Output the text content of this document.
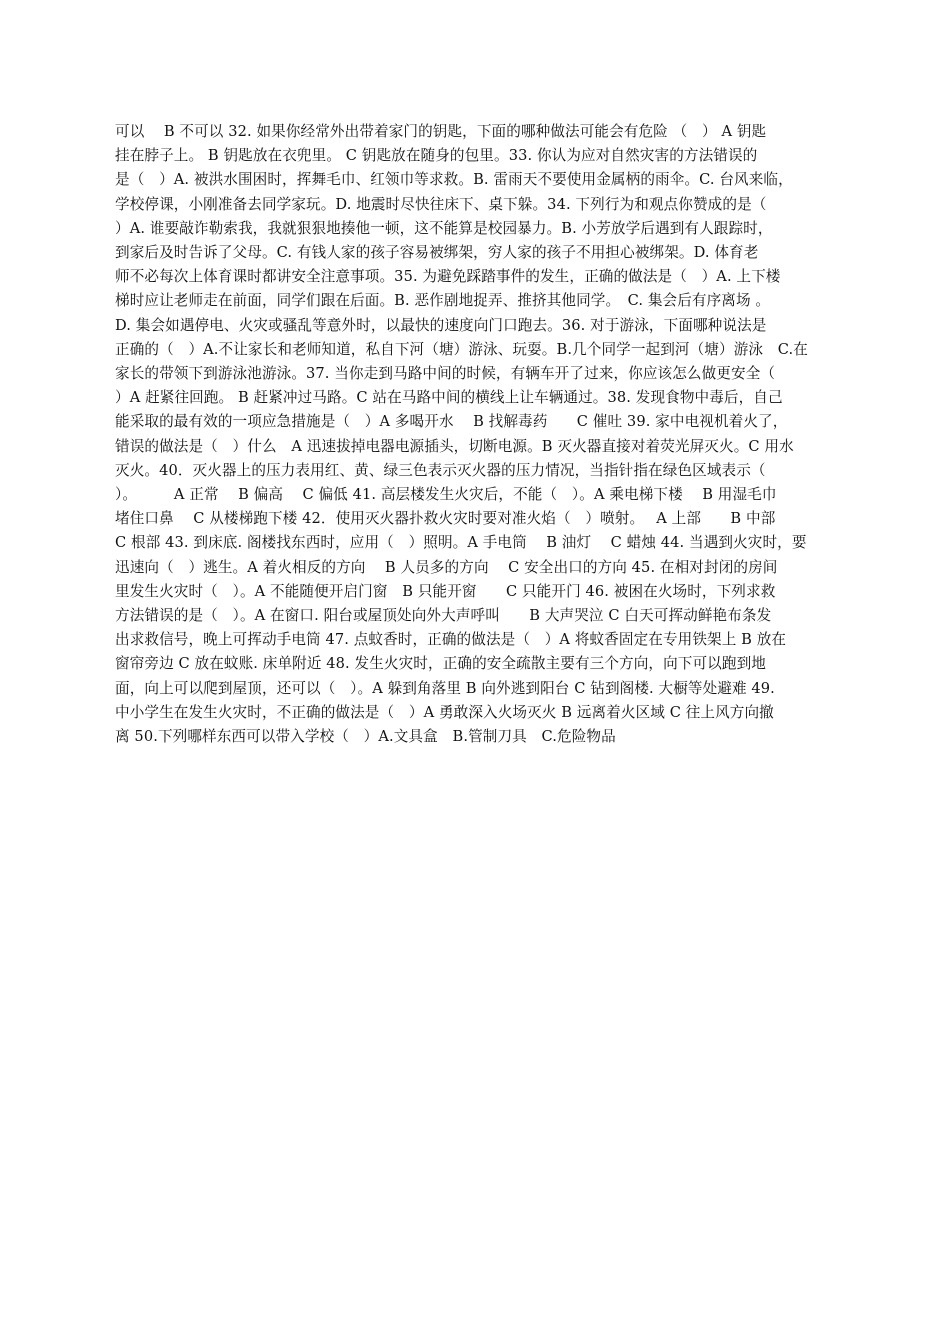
可以　 B 不可以 32. 如果你经常外出带着家门的钥匙，下面的哪种做法可能会有危险 （　） A 钥匙
挂在脖子上。 B 钥匙放在衣兜里。 C 钥匙放在随身的包里。33. 你认为应对自然灾害的方法错误的
是（　）A. 被洪水围困时，挥舞毛巾、红领巾等求救。B. 雷雨天不要使用金属柄的雨伞。C. 台风来临，
学校停课，小刚准备去同学家玩。D. 地震时尽快往床下、桌下躲。34. 下列行为和观点你赞成的是（
）A. 谁要敲诈勒索我，我就狠狠地揍他一顿，这不能算是校园暴力。B. 小芳放学后遇到有人跟踪时，
到家后及时告诉了父母。C. 有钱人家的孩子容易被绑架，穷人家的孩子不用担心被绑架。D. 体育老
师不必每次上体育课时都讲安全注意事项。35. 为避免踩踏事件的发生，正确的做法是（　）A. 上下楼
梯时应让老师走在前面，同学们跟在后面。B. 恶作剧地捉弄、推挤其他同学。　C. 集会后有序离场 。
D. 集会如遇停电、火灾或骚乱等意外时，以最快的速度向门口跑去。36. 对于游泳，下面哪种说法是
正确的（　）A.不让家长和老师知道，私自下河（塘）游泳、玩耍。B.几个同学一起到河（塘）游泳　C.在
家长的带领下到游泳池游泳。37. 当你走到马路中间的时候，有辆车开了过来，你应该怎么做更安全（
）A 赶紧往回跑。 B 赶紧冲过马路。C 站在马路中间的横线上让车辆通过。38. 发现食物中毒后，自己
能采取的最有效的一项应急措施是（　）A 多喝开水　 B 找解毒药　　C 催吐 39. 家中电视机着火了，
错误的做法是（　）什么　A 迅速拔掉电器电源插头，切断电源。B 灭火器直接对着荧光屏灭火。C 用水
灭火。40．灭火器上的压力表用红、黄、绿三色表示灭火器的压力情况，当指针指在绿色区域表示（
）。　　　A 正常　 B 偏高　 C 偏低 41. 高层楼发生火灾后，不能（　）。A 乘电梯下楼　 B 用湿毛巾
堵住口鼻　 C 从楼梯跑下楼 42．使用灭火器扑救火灾时要对准火焰（　）喷射。　 A 上部　　B 中部
C 根部 43. 到床底. 阁楼找东西时，应用（　）照明。A 手电筒　 B 油灯　 C 蜡烛 44. 当遇到火灾时，要
迅速向（　）逃生。A 着火相反的方向　 B 人员多的方向　 C 安全出口的方向 45. 在相对封闭的房间
里发生火灾时（　）。A 不能随便开启门窗　B 只能开窗　　C 只能开门 46. 被困在火场时，下列求救
方法错误的是（　）。A 在窗口. 阳台或屋顶处向外大声呼叫　　B 大声哭泣 C 白天可挥动鲜艳布条发
出求救信号，晚上可挥动手电筒 47. 点蚊香时，正确的做法是（　）A 将蚊香固定在专用铁架上 B 放在
窗帘旁边 C 放在蚊账. 床单附近 48. 发生火灾时，正确的安全疏散主要有三个方向，向下可以跑到地
面，向上可以爬到屋顶，还可以（　）。A 躲到角落里 B 向外逃到阳台 C 钻到阁楼. 大橱等处避难 49.
中小学生在发生火灾时，不正确的做法是（　）A 勇敢深入火场灭火 B 远离着火区域 C 往上风方向撤
离 50.下列哪样东西可以带入学校（　）A.文具盒　B.管制刀具　C.危险物品
